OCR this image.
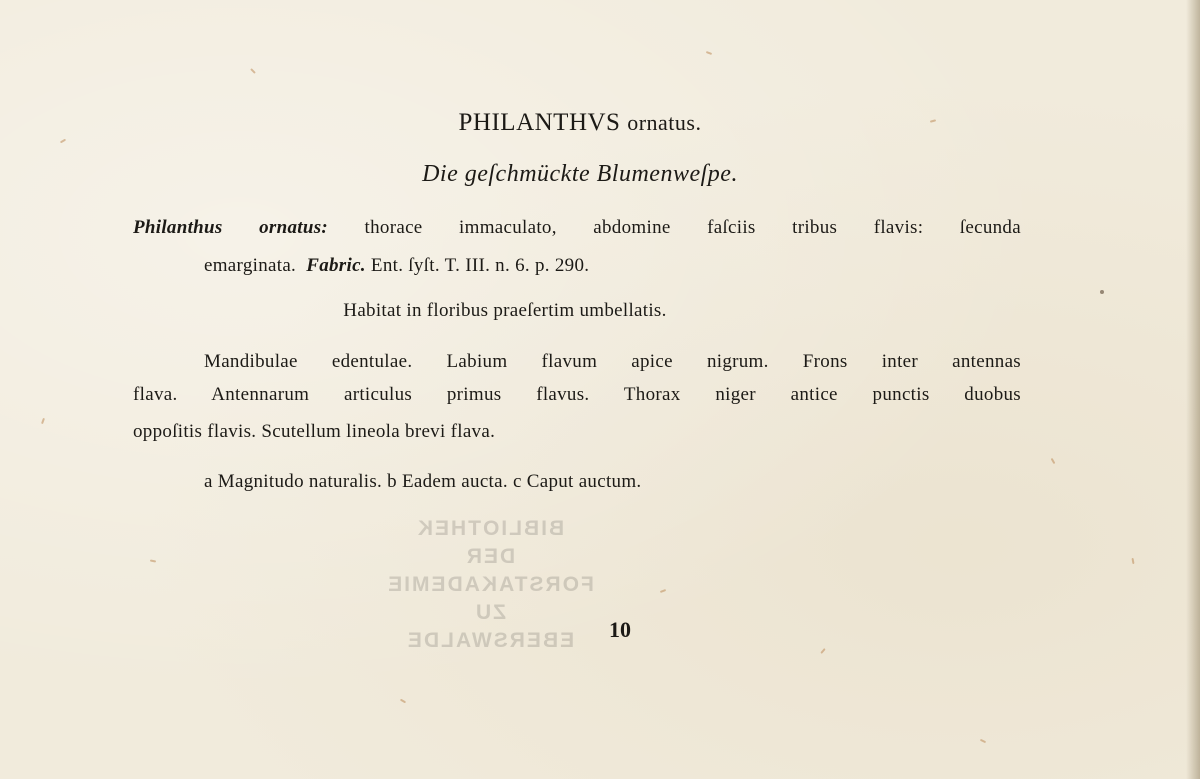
PHILANTHVS ornatus.
Die geſchmückte Blumenweſpe.
Philanthus ornatus: thorace immaculato, abdomine faſciis tribus flavis: ſecunda
emarginata. Fabric. Ent. ſyſt. T. III. n. 6. p. 290.
Habitat in floribus praeſertim umbellatis.
Mandibulae edentulae. Labium flavum apice nigrum. Frons inter antennas
flava. Antennarum articulus primus flavus. Thorax niger antice punctis duobus
oppoſitis flavis. Scutellum lineola brevi flava.
a Magnitudo naturalis. b Eadem aucta. c Caput auctum.
BIBLIOTHEK
DER
FORSTAKADEMIE
ZU
EBERSWALDE	10
